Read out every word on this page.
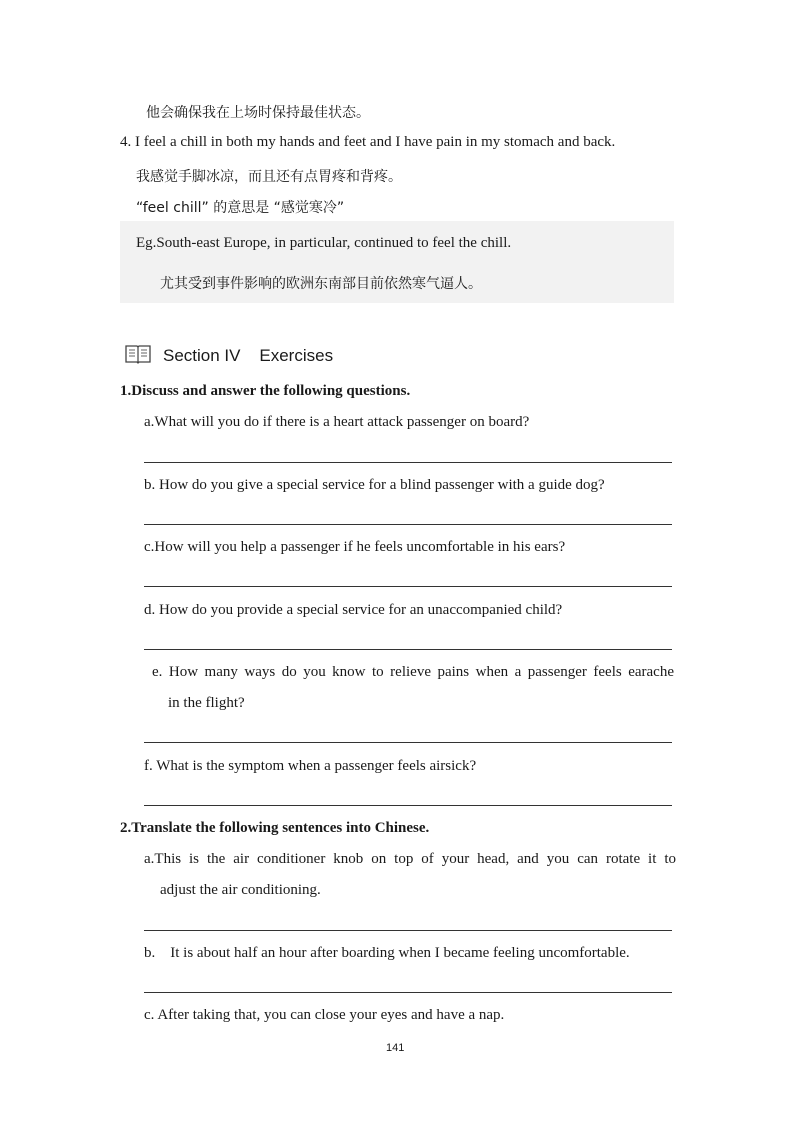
他会确保我在上场时保持最佳状态。
4. I feel a chill in both my hands and feet and I have pain in my stomach and back.
我感觉手脚冰凉，而且还有点胃疼和背疼。
“feel chill” 的意思是 “感觉寒冷”
Eg.South-east Europe, in particular, continued to feel the chill.
尤其受到事件影响的欧洲东南部目前依然寒气逼人。
Section IV    Exercises
1.Discuss and answer the following questions.
a.What will you do if there is a heart attack passenger on board?
b. How do you give a special service for a blind passenger with a guide dog?
c.How will you help a passenger if he feels uncomfortable in his ears?
d. How do you provide a special service for an unaccompanied child?
e. How many ways do you know to relieve pains when a passenger feels earache
in the flight?
f. What is the symptom when a passenger feels airsick?
2.Translate the following sentences into Chinese.
a.This is the air conditioner knob on top of your head, and you can rotate it to
adjust the air conditioning.
b.    It is about half an hour after boarding when I became feeling uncomfortable.
c. After taking that, you can close your eyes and have a nap.
141
